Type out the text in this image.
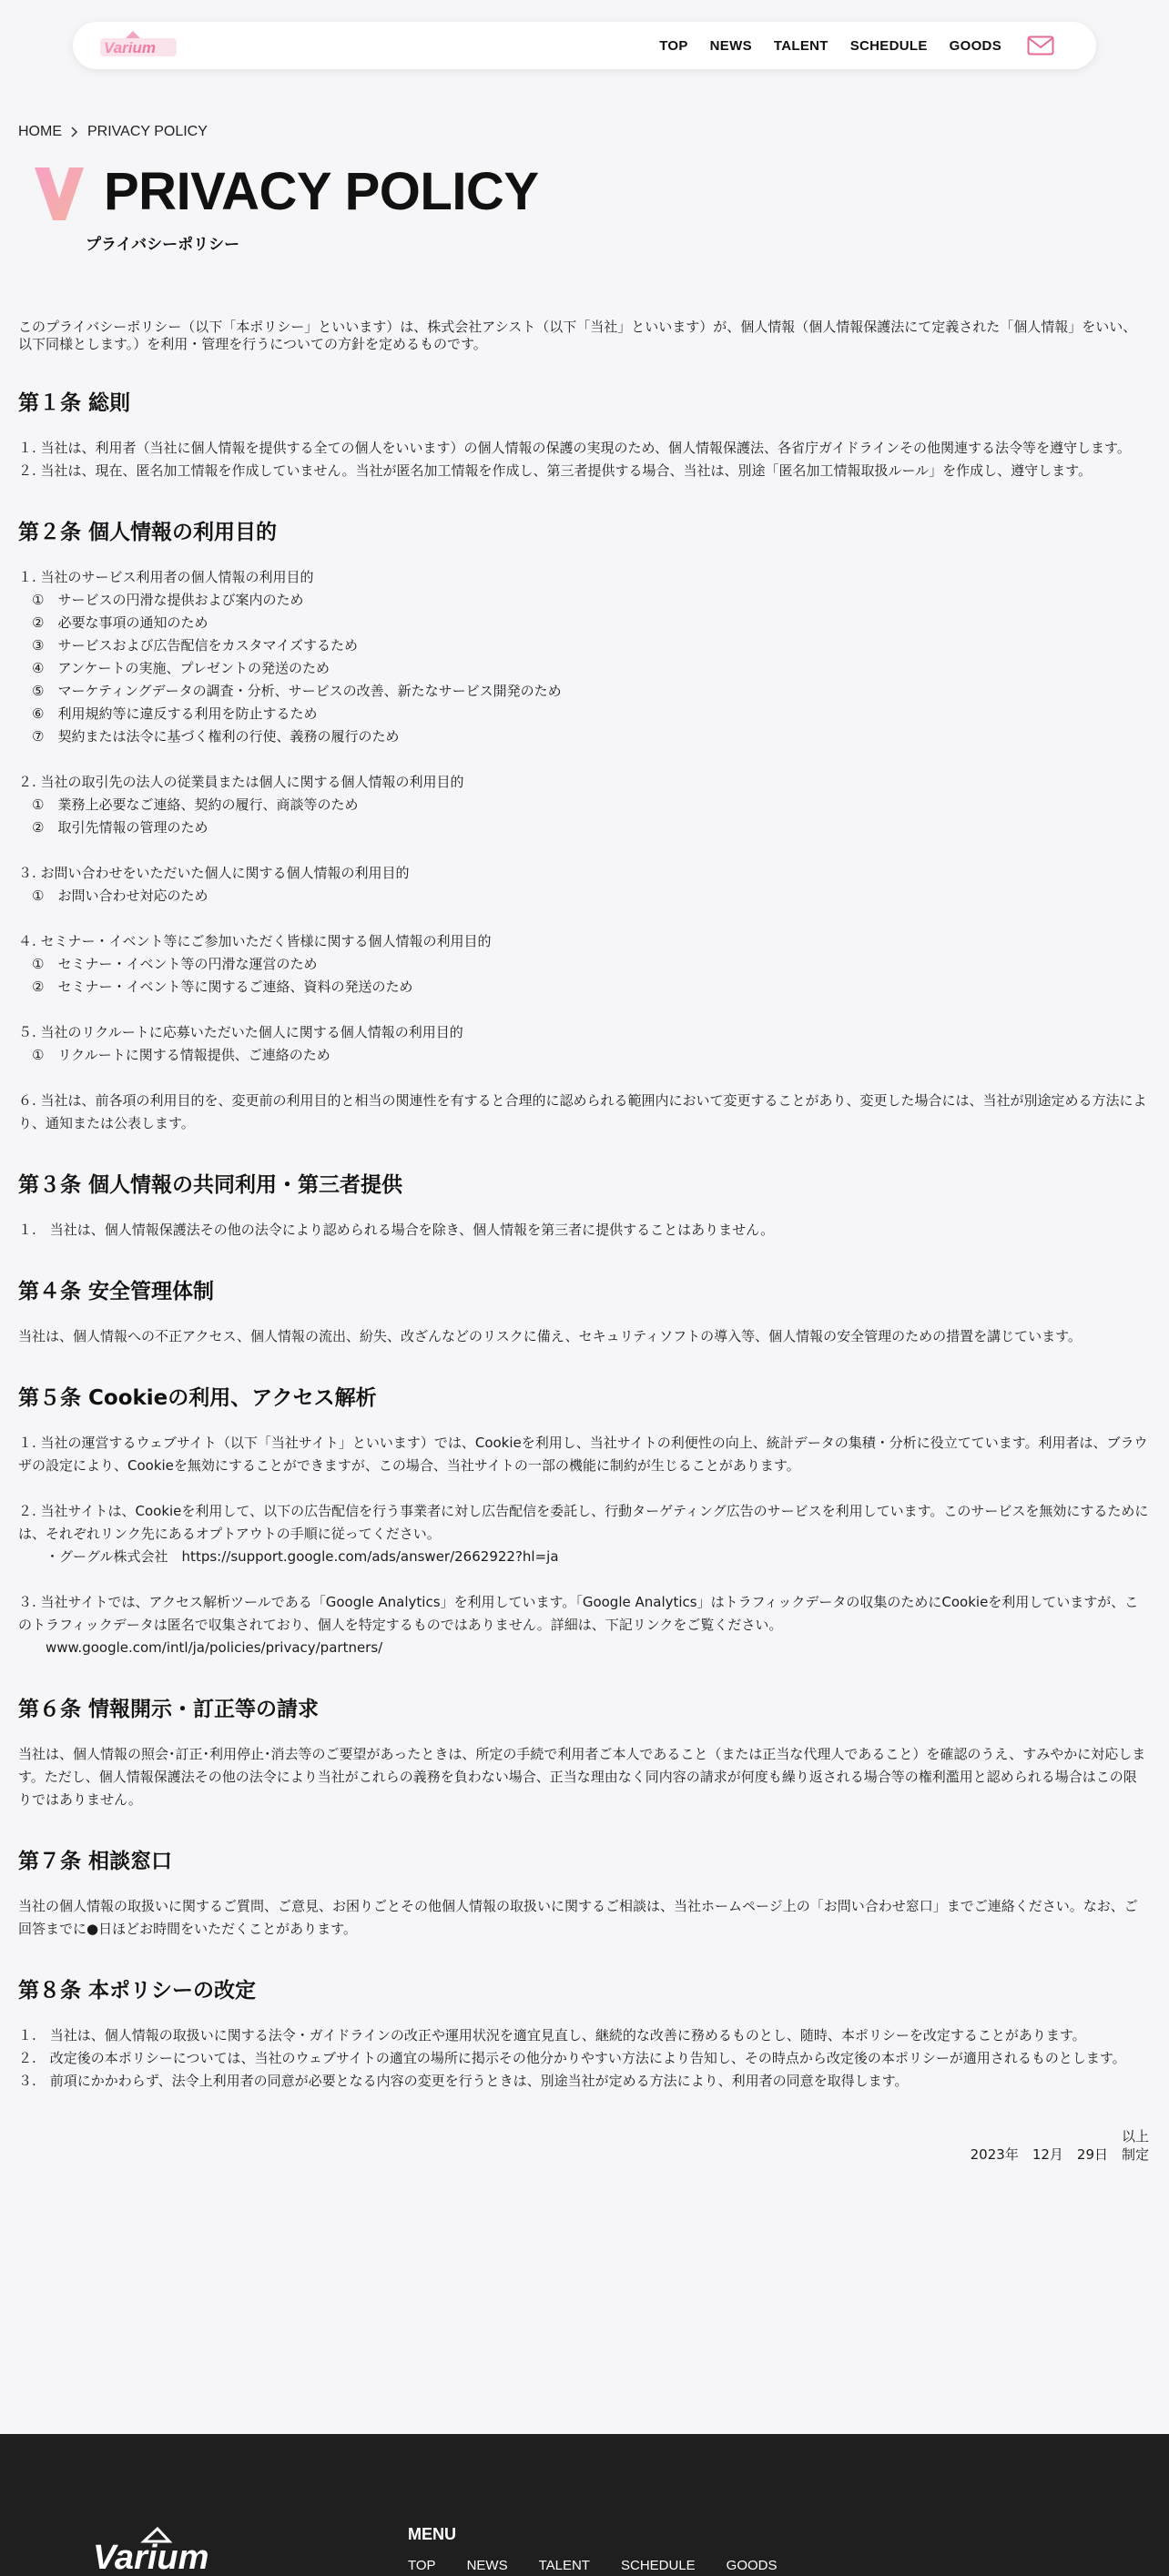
Varium	TOP NEWS TALENT SCHEDULE GOODS
HOME PRIVACY POLICY
PRIVACY POLICY
プライバシーポリシー

このプライバシーポリシー（以下「本ポリシー」といいます）は、株式会社アシスト（以下「当社」といいます）が、個人情報（個人情報保護法にて定義された「個人情報」をいい、以下同様とします。）を利用・管理を行うについての方針を定めるものです。

第１条 総則

１. 当社は、利用者（当社に個人情報を提供する全ての個人をいいます）の個人情報の保護の実現のため、個人情報保護法、各省庁ガイドラインその他関連する法令等を遵守します。
２. 当社は、現在、匿名加工情報を作成していません。当社が匿名加工情報を作成し、第三者提供する場合、当社は、別途「匿名加工情報取扱ルール」を作成し、遵守します。

第２条 個人情報の利用目的

１. 当社のサービス利用者の個人情報の利用目的
　①　サービスの円滑な提供および案内のため
　②　必要な事項の通知のため
　③　サービスおよび広告配信をカスタマイズするため
　④　アンケートの実施、プレゼントの発送のため
　⑤　マーケティングデータの調査・分析、サービスの改善、新たなサービス開発のため
　⑥　利用規約等に違反する利用を防止するため
　⑦　契約または法令に基づく権利の行使、義務の履行のため

２. 当社の取引先の法人の従業員または個人に関する個人情報の利用目的
　①　業務上必要なご連絡、契約の履行、商談等のため
　②　取引先情報の管理のため

３. お問い合わせをいただいた個人に関する個人情報の利用目的
　①　お問い合わせ対応のため

４. セミナー・イベント等にご参加いただく皆様に関する個人情報の利用目的
　①　セミナー・イベント等の円滑な運営のため
　②　セミナー・イベント等に関するご連絡、資料の発送のため

５. 当社のリクルートに応募いただいた個人に関する個人情報の利用目的
　①　リクルートに関する情報提供、ご連絡のため

６. 当社は、前各項の利用目的を、変更前の利用目的と相当の関連性を有すると合理的に認められる範囲内において変更することがあり、変更した場合には、当社が別途定める方法により、通知または公表します。

第３条 個人情報の共同利用・第三者提供

１.　当社は、個人情報保護法その他の法令により認められる場合を除き、個人情報を第三者に提供することはありません。

第４条 安全管理体制

当社は、個人情報への不正アクセス、個人情報の流出、紛失、改ざんなどのリスクに備え、セキュリティソフトの導入等、個人情報の安全管理のための措置を講じています。

第５条 Cookieの利用、アクセス解析

１. 当社の運営するウェブサイト（以下「当社サイト」といいます）では、Cookieを利用し、当社サイトの利便性の向上、統計データの集積・分析に役立てています。利用者は、ブラウザの設定により、Cookieを無効にすることができますが、この場合、当社サイトの一部の機能に制約が生じることがあります。

２. 当社サイトは、Cookieを利用して、以下の広告配信を行う事業者に対し広告配信を委託し、行動ターゲティング広告のサービスを利用しています。このサービスを無効にするためには、それぞれリンク先にあるオプトアウトの手順に従ってください。
　　・グーグル株式会社　https://support.google.com/ads/answer/2662922?hl=ja

３. 当社サイトでは、アクセス解析ツールである「Google Analytics」を利用しています。「Google Analytics」はトラフィックデータの収集のためにCookieを利用していますが、このトラフィックデータは匿名で収集されており、個人を特定するものではありません。詳細は、下記リンクをご覧ください。
　　www.google.com/intl/ja/policies/privacy/partners/

第６条 情報開示・訂正等の請求

当社は、個人情報の照会･訂正･利用停止･消去等のご要望があったときは、所定の手続で利用者ご本人であること（または正当な代理人であること）を確認のうえ、すみやかに対応します。ただし、個人情報保護法その他の法令により当社がこれらの義務を負わない場合、正当な理由なく同内容の請求が何度も繰り返される場合等の権利濫用と認められる場合はこの限りではありません。

第７条 相談窓口

当社の個人情報の取扱いに関するご質問、ご意見、お困りごとその他個人情報の取扱いに関するご相談は、当社ホームページ上の「お問い合わせ窓口」までご連絡ください。なお、ご回答までに●日ほどお時間をいただくことがあります。

第８条 本ポリシーの改定

１.　当社は、個人情報の取扱いに関する法令・ガイドラインの改正や運用状況を適宜見直し、継続的な改善に務めるものとし、随時、本ポリシーを改定することがあります。
２.　改定後の本ポリシーについては、当社のウェブサイトの適宜の場所に掲示その他分かりやすい方法により告知し、その時点から改定後の本ポリシーが適用されるものとします。
３.　前項にかかわらず、法令上利用者の同意が必要となる内容の変更を行うときは、別途当社が定める方法により、利用者の同意を取得します。

以上
2023年　12月　29日　制定
Varium
MENU
TOP NEWS TALENT SCHEDULE GOODS
